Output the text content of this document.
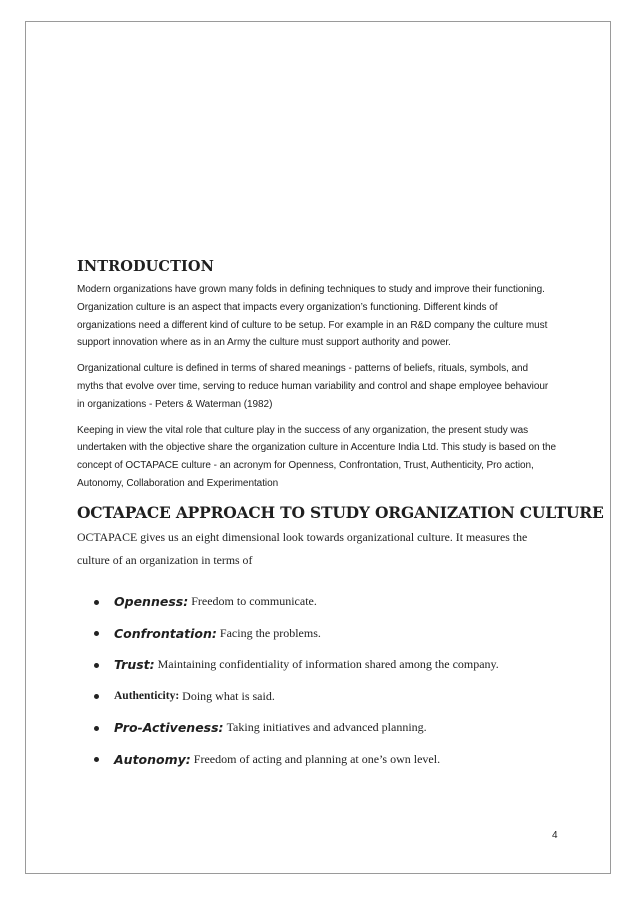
INTRODUCTION

Modern organizations have grown many folds in defining techniques to study and improve their functioning. Organization culture is an aspect that impacts every organization’s functioning. Different kinds of organizations need a different kind of culture to be setup. For example in an R&D company the culture must support innovation where as in an Army the culture must support authority and power.

Organizational culture is defined in terms of shared meanings - patterns of beliefs, rituals, symbols, and myths that evolve over time, serving to reduce human variability and control and shape employee behaviour in organizations - Peters & Waterman (1982)

Keeping in view the vital role that culture play in the success of any organization, the present study was undertaken with the objective share the organization culture in Accenture India Ltd. This study is based on the concept of OCTAPACE culture - an acronym for Openness, Confrontation, Trust, Authenticity, Pro action, Autonomy, Collaboration and Experimentation

OCTAPACE APPROACH TO STUDY ORGANIZATION CULTURE

OCTAPACE gives us an eight dimensional look towards organizational culture. It measures the culture of an organization in terms of

Openness: Freedom to communicate.
Confrontation: Facing the problems.
Trust: Maintaining confidentiality of information shared among the company.
Authenticity: Doing what is said.
Pro-Activeness: Taking initiatives and advanced planning.
Autonomy: Freedom of acting and planning at one’s own level.
4
